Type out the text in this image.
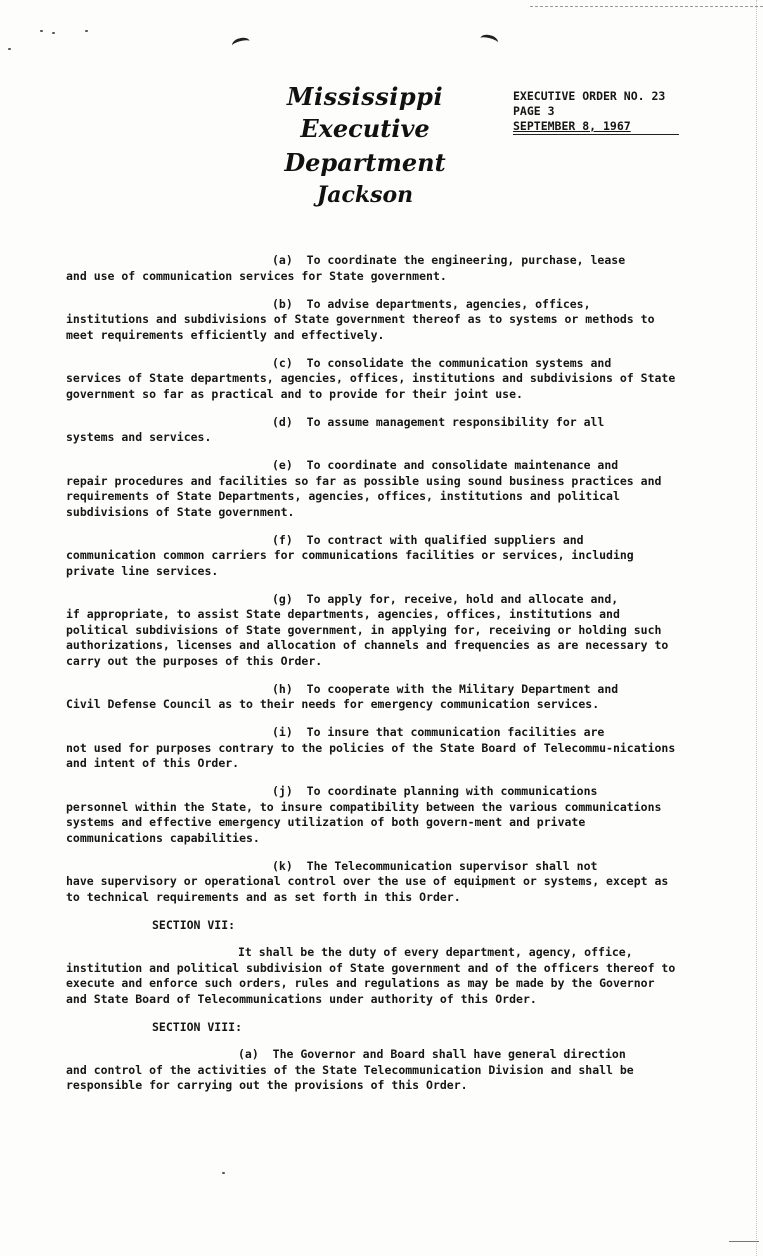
Mississippi
Executive Department
Jackson
EXECUTIVE ORDER NO. 23
PAGE 3
SEPTEMBER 8, 1967
(a) To coordinate the engineering, purchase, lease
and use of communication services for State government.
(b) To advise departments, agencies, offices,
institutions and subdivisions of State government thereof as to systems or methods to meet requirements efficiently and effectively.
(c) To consolidate the communication systems and
services of State departments, agencies, offices, institutions and subdivisions of State government so far as practical and to provide for their joint use.
(d) To assume management responsibility for all
systems and services.
(e) To coordinate and consolidate maintenance and
repair procedures and facilities so far as possible using sound business practices and requirements of State Departments, agencies, offices, institutions and political subdivisions of State government.
(f) To contract with qualified suppliers and
communication common carriers for communications facilities or services, including private line services.
(g) To apply for, receive, hold and allocate and,
if appropriate, to assist State departments, agencies, offices, institutions and political subdivisions of State government, in applying for, receiving or holding such authorizations, licenses and allocation of channels and frequencies as are necessary to carry out the purposes of this Order.
(h) To cooperate with the Military Department and
Civil Defense Council as to their needs for emergency communication services.
(i) To insure that communication facilities are
not used for purposes contrary to the policies of the State Board of Telecommu-nications and intent of this Order.
(j) To coordinate planning with communications
personnel within the State, to insure compatibility between the various communications systems and effective emergency utilization of both govern-ment and private communications capabilities.
(k) The Telecommunication supervisor shall not
have supervisory or operational control over the use of equipment or systems, except as to technical requirements and as set forth in this Order.
SECTION VII:
It shall be the duty of every department, agency, office,
institution and political subdivision of State government and of the officers thereof to execute and enforce such orders, rules and regulations as may be made by the Governor and State Board of Telecommunications under authority of this Order.
SECTION VIII:
(a) The Governor and Board shall have general direction
and control of the activities of the State Telecommunication Division and shall be responsible for carrying out the provisions of this Order.
